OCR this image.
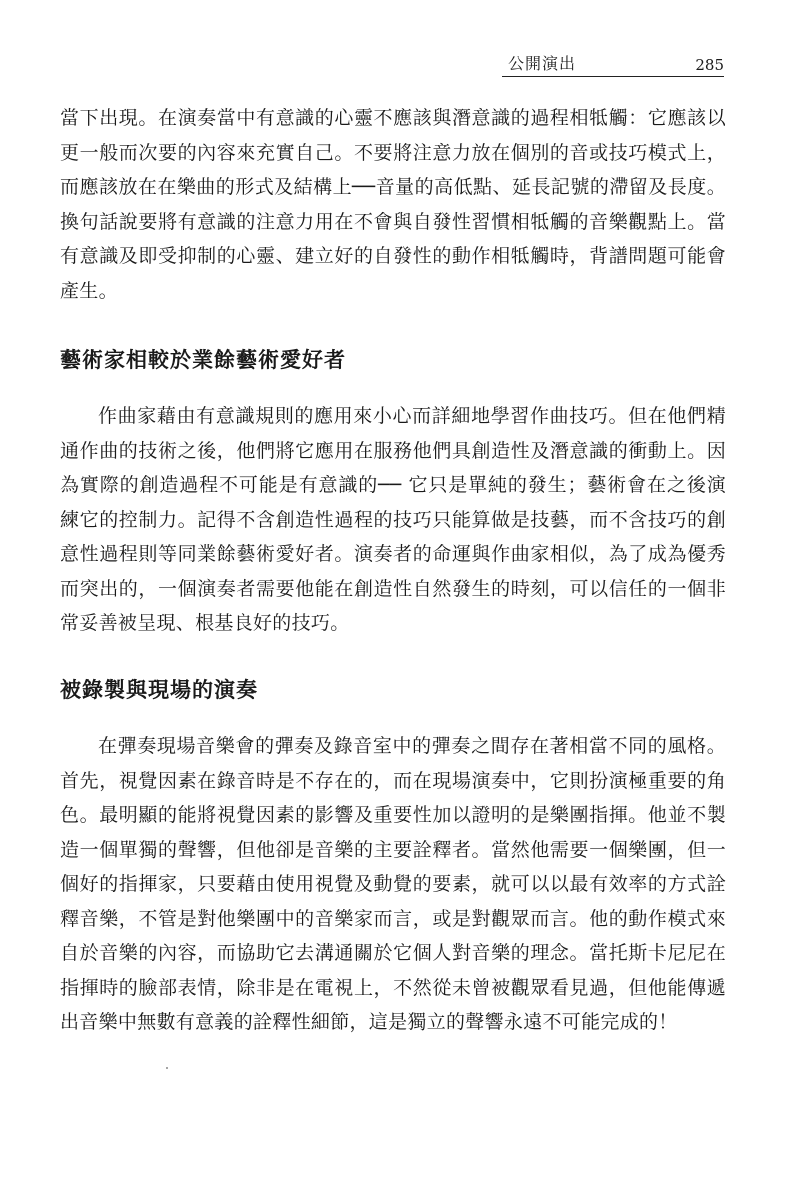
公開演出	285

當下出現。在演奏當中有意識的心靈不應該與潛意識的過程相牴觸：它應該以更一般而次要的內容來充實自己。不要將注意力放在個別的音或技巧模式上，而應該放在在樂曲的形式及結構上──音量的高低點、延長記號的滯留及長度。換句話說要將有意識的注意力用在不會與自發性習慣相牴觸的音樂觀點上。當有意識及即受抑制的心靈、建立好的自發性的動作相牴觸時，背譜問題可能會產生。

藝術家相較於業餘藝術愛好者

作曲家藉由有意識規則的應用來小心而詳細地學習作曲技巧。但在他們精通作曲的技術之後，他們將它應用在服務他們具創造性及潛意識的衝動上。因為實際的創造過程不可能是有意識的── 它只是單純的發生；藝術會在之後演練它的控制力。記得不含創造性過程的技巧只能算做是技藝，而不含技巧的創意性過程則等同業餘藝術愛好者。演奏者的命運與作曲家相似，為了成為優秀而突出的，一個演奏者需要他能在創造性自然發生的時刻，可以信任的一個非常妥善被呈現、根基良好的技巧。

被錄製與現場的演奏

在彈奏現場音樂會的彈奏及錄音室中的彈奏之間存在著相當不同的風格。首先，視覺因素在錄音時是不存在的，而在現場演奏中，它則扮演極重要的角色。最明顯的能將視覺因素的影響及重要性加以證明的是樂團指揮。他並不製造一個單獨的聲響，但他卻是音樂的主要詮釋者。當然他需要一個樂團，但一個好的指揮家，只要藉由使用視覺及動覺的要素，就可以以最有效率的方式詮釋音樂，不管是對他樂團中的音樂家而言，或是對觀眾而言。他的動作模式來自於音樂的內容，而協助它去溝通關於它個人對音樂的理念。當托斯卡尼尼在指揮時的臉部表情，除非是在電視上，不然從未曾被觀眾看見過，但他能傳遞出音樂中無數有意義的詮釋性細節，這是獨立的聲響永遠不可能完成的！
